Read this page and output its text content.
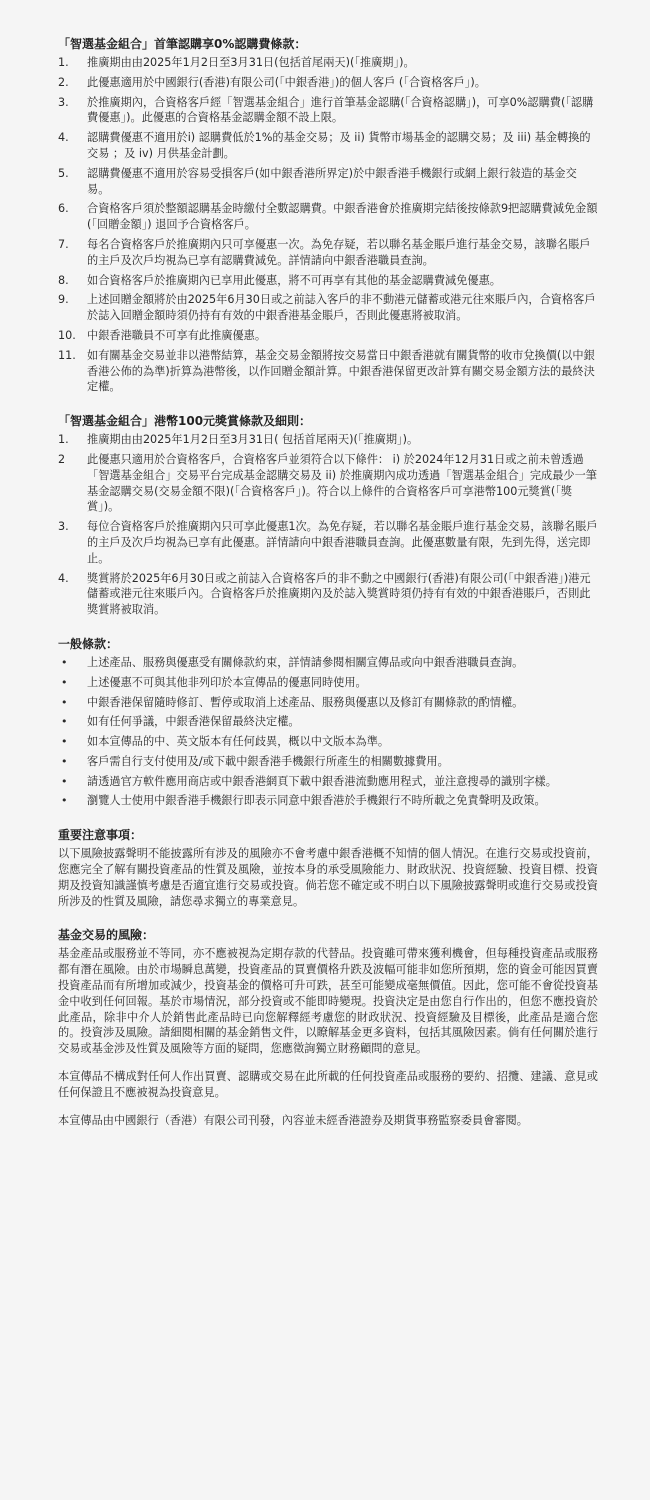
「智選基金組合」首筆認購享0%認購費條款：
1. 推廣期由由2025年1月2日至3月31日(包括首尾兩天)(「推廣期」)。
2. 此優惠適用於中國銀行(香港)有限公司(「中銀香港」)的個人客戶 (「合資格客戶」)。
3. 於推廣期內，合資格客戶經「智選基金組合」進行首筆基金認購(「合資格認購」)，可享0%認購費(「認購費優惠」)。此優惠的合資格基金認購金額不設上限。
4. 認購費優惠不適用於i) 認購費低於1%的基金交易；及 ii) 貨幣市場基金的認購交易；及 iii) 基金轉換的交易 ；及 iv) 月供基金計劃。
5. 認購費優惠不適用於容易受損客戶(如中銀香港所界定)於中銀香港手機銀行或網上銀行敍造的基金交易。
6. 合資格客戶須於整額認購基金時繳付全數認購費。中銀香港會於推廣期完結後按條款9把認購費減免金額(「回贈金額」) 退回予合資格客戶。
7. 每名合資格客戶於推廣期內只可享優惠一次。為免存疑，若以聯名基金賬戶進行基金交易，該聯名賬戶的主戶及次戶均視為已享有認購費減免。詳情請向中銀香港職員查詢。
8. 如合資格客戶於推廣期內已享用此優惠，將不可再享有其他的基金認購費減免優惠。
9. 上述回贈金額將於由2025年6月30日或之前誌入客戶的非不動港元儲蓄或港元往來賬戶內，合資格客戶於誌入回贈金額時須仍持有有效的中銀香港基金賬戶，否則此優惠將被取消。
10. 中銀香港職員不可享有此推廣優惠。
11. 如有關基金交易並非以港幣結算，基金交易金額將按交易當日中銀香港就有關貨幣的收市兌換價(以中銀香港公佈的為準)折算為港幣後，以作回贈金額計算。中銀香港保留更改計算有關交易金額方法的最終決定權。
「智選基金組合」港幣100元獎賞條款及細則：
1. 推廣期由由2025年1月2日至3月31日( 包括首尾兩天)(「推廣期」)。
2 此優惠只適用於合資格客戶，合資格客戶並須符合以下條件： i) 於2024年12月31日或之前未曾透過「智選基金組合」交易平台完成基金認購交易及 ii) 於推廣期內成功透過「智選基金組合」完成最少一筆基金認購交易(交易金額不限)(「合資格客戶」)。符合以上條件的合資格客戶可享港幣100元獎賞(「獎賞」)。
3. 每位合資格客戶於推廣期內只可享此優惠1次。為免存疑，若以聯名基金賬戶進行基金交易，該聯名賬戶的主戶及次戶均視為已享有此優惠。詳情請向中銀香港職員查詢。此優惠數量有限，先到先得，送完即止。
4. 獎賞將於2025年6月30日或之前誌入合資格客戶的非不動之中國銀行(香港)有限公司(「中銀香港」)港元儲蓄或港元往來賬戶內。合資格客戶於推廣期內及於誌入獎賞時須仍持有有效的中銀香港賬戶，否則此獎賞將被取消。
一般條款：
• 上述產品、服務與優惠受有關條款約束，詳情請參閱相關宣傳品或向中銀香港職員查詢。
• 上述優惠不可與其他非列印於本宣傳品的優惠同時使用。
• 中銀香港保留隨時修訂、暫停或取消上述產品、服務與優惠以及修訂有關條款的酌情權。
• 如有任何爭議，中銀香港保留最終決定權。
• 如本宣傳品的中、英文版本有任何歧異，概以中文版本為準。
• 客戶需自行支付使用及/或下載中銀香港手機銀行所產生的相關數據費用。
• 請透過官方軟件應用商店或中銀香港網頁下載中銀香港流動應用程式，並注意搜尋的識別字樣。
• 瀏覽人士使用中銀香港手機銀行即表示同意中銀香港於手機銀行不時所載之免責聲明及政策。
重要注意事項：

以下風險披露聲明不能披露所有涉及的風險亦不會考慮中銀香港概不知情的個人情況。在進行交易或投資前，您應完全了解有關投資產品的性質及風險，並按本身的承受風險能力、財政狀況、投資經驗、投資目標、投資期及投資知識謹慎考慮是否適宜進行交易或投資。倘若您不確定或不明白以下風險披露聲明或進行交易或投資所涉及的性質及風險，請您尋求獨立的專業意見。

基金交易的風險：

基金產品或服務並不等同，亦不應被視為定期存款的代替品。投資雖可帶來獲利機會，但每種投資產品或服務都有潛在風險。由於市場瞬息萬變，投資產品的買賣價格升跌及波幅可能非如您所預期，您的資金可能因買賣投資產品而有所增加或減少，投資基金的價格可升可跌，甚至可能變成毫無價值。因此，您可能不會從投資基金中收到任何回報。基於市場情況，部分投資或不能即時變現。投資決定是由您自行作出的，但您不應投資於此產品，除非中介人於銷售此產品時已向您解釋經考慮您的財政狀況、投資經驗及目標後，此產品是適合您的。投資涉及風險。請細閱相關的基金銷售文件，以瞭解基金更多資料，包括其風險因素。倘有任何關於進行交易或基金涉及性質及風險等方面的疑問，您應徵詢獨立財務顧問的意見。

本宣傳品不構成對任何人作出買賣、認購或交易在此所載的任何投資產品或服務的要約、招攬、建議、意見或任何保證且不應被視為投資意見。

本宣傳品由中國銀行（香港）有限公司刊發，內容並未經香港證券及期貨事務監察委員會審閱。
